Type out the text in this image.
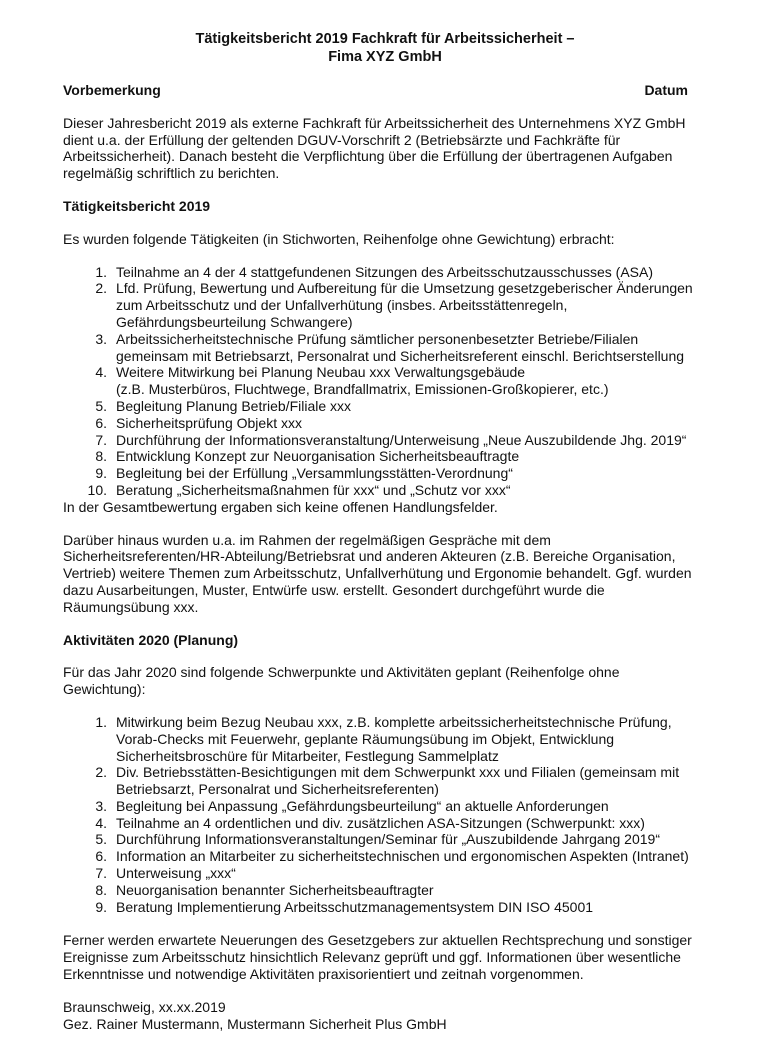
Tätigkeitsbericht 2019 Fachkraft für Arbeitssicherheit –
Fima XYZ GmbH

Vorbemerkung	Datum

Dieser Jahresbericht 2019 als externe Fachkraft für Arbeitssicherheit des Unternehmens XYZ GmbH
dient u.a. der Erfüllung der geltenden DGUV-Vorschrift 2 (Betriebsärzte und Fachkräfte für
Arbeitssicherheit). Danach besteht die Verpflichtung über die Erfüllung der übertragenen Aufgaben
regelmäßig schriftlich zu berichten.

Tätigkeitsbericht 2019

Es wurden folgende Tätigkeiten (in Stichworten, Reihenfolge ohne Gewichtung) erbracht:

1. Teilnahme an 4 der 4 stattgefundenen Sitzungen des Arbeitsschutzausschusses (ASA)
2. Lfd. Prüfung, Bewertung und Aufbereitung für die Umsetzung gesetzgeberischer Änderungen
zum Arbeitsschutz und der Unfallverhütung (insbes. Arbeitsstättenregeln,
Gefährdungsbeurteilung Schwangere)
3. Arbeitssicherheitstechnische Prüfung sämtlicher personenbesetzter Betriebe/Filialen
gemeinsam mit Betriebsarzt, Personalrat und Sicherheitsreferent einschl. Berichtserstellung
4. Weitere Mitwirkung bei Planung Neubau xxx Verwaltungsgebäude
(z.B. Musterbüros, Fluchtwege, Brandfallmatrix, Emissionen-Großkopierer, etc.)
5. Begleitung Planung Betrieb/Filiale xxx
6. Sicherheitsprüfung Objekt xxx
7. Durchführung der Informationsveranstaltung/Unterweisung „Neue Auszubildende Jhg. 2019“
8. Entwicklung Konzept zur Neuorganisation Sicherheitsbeauftragte
9. Begleitung bei der Erfüllung „Versammlungsstätten-Verordnung“
10. Beratung „Sicherheitsmaßnahmen für xxx“ und „Schutz vor xxx“

In der Gesamtbewertung ergaben sich keine offenen Handlungsfelder.

Darüber hinaus wurden u.a. im Rahmen der regelmäßigen Gespräche mit dem
Sicherheitsreferenten/HR-Abteilung/Betriebsrat und anderen Akteuren (z.B. Bereiche Organisation,
Vertrieb) weitere Themen zum Arbeitsschutz, Unfallverhütung und Ergonomie behandelt. Ggf. wurden
dazu Ausarbeitungen, Muster, Entwürfe usw. erstellt. Gesondert durchgeführt wurde die
Räumungsübung xxx.

Aktivitäten 2020 (Planung)

Für das Jahr 2020 sind folgende Schwerpunkte und Aktivitäten geplant (Reihenfolge ohne
Gewichtung):

1. Mitwirkung beim Bezug Neubau xxx, z.B. komplette arbeitssicherheitstechnische Prüfung,
Vorab-Checks mit Feuerwehr, geplante Räumungsübung im Objekt, Entwicklung
Sicherheitsbroschüre für Mitarbeiter, Festlegung Sammelplatz
2. Div. Betriebsstätten-Besichtigungen mit dem Schwerpunkt xxx und Filialen (gemeinsam mit
Betriebsarzt, Personalrat und Sicherheitsreferenten)
3. Begleitung bei Anpassung „Gefährdungsbeurteilung“ an aktuelle Anforderungen
4. Teilnahme an 4 ordentlichen und div. zusätzlichen ASA-Sitzungen (Schwerpunkt: xxx)
5. Durchführung Informationsveranstaltungen/Seminar für „Auszubildende Jahrgang 2019“
6. Information an Mitarbeiter zu sicherheitstechnischen und ergonomischen Aspekten (Intranet)
7. Unterweisung „xxx“
8. Neuorganisation benannter Sicherheitsbeauftragter
9. Beratung Implementierung Arbeitsschutzmanagementsystem DIN ISO 45001

Ferner werden erwartete Neuerungen des Gesetzgebers zur aktuellen Rechtsprechung und sonstiger
Ereignisse zum Arbeitsschutz hinsichtlich Relevanz geprüft und ggf. Informationen über wesentliche
Erkenntnisse und notwendige Aktivitäten praxisorientiert und zeitnah vorgenommen.

Braunschweig, xx.xx.2019

Gez. Rainer Mustermann, Mustermann Sicherheit Plus GmbH
